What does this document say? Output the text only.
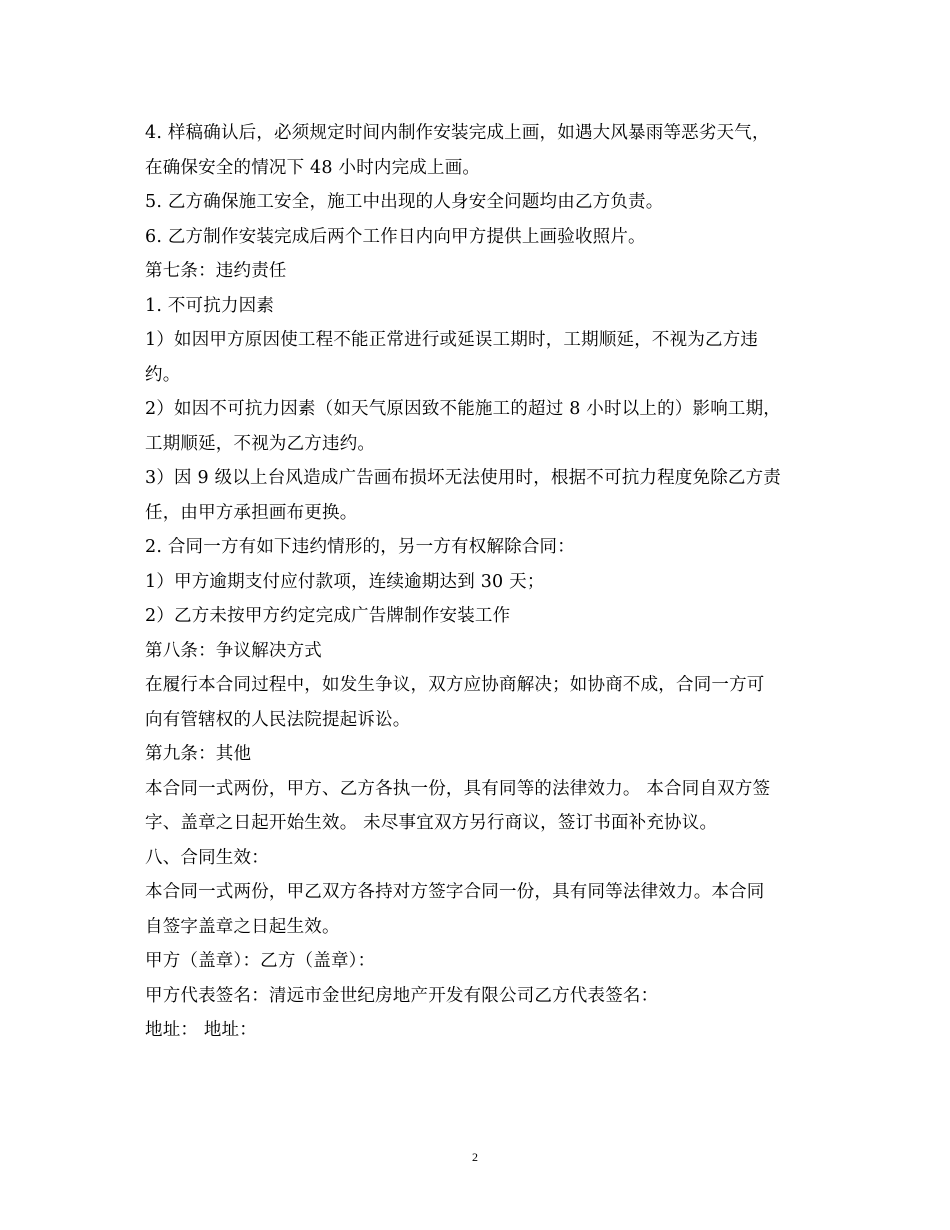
4. 样稿确认后，必须规定时间内制作安装完成上画，如遇大风暴雨等恶劣天气，
在确保安全的情况下 48 小时内完成上画。
5. 乙方确保施工安全，施工中出现的人身安全问题均由乙方负责。
6. 乙方制作安装完成后两个工作日内向甲方提供上画验收照片。
第七条：违约责任
1. 不可抗力因素
1）如因甲方原因使工程不能正常进行或延误工期时，工期顺延，不视为乙方违
约。
2）如因不可抗力因素（如天气原因致不能施工的超过 8 小时以上的）影响工期，
工期顺延，不视为乙方违约。
3）因 9 级以上台风造成广告画布损坏无法使用时，根据不可抗力程度免除乙方责
任，由甲方承担画布更换。
2. 合同一方有如下违约情形的，另一方有权解除合同：
1）甲方逾期支付应付款项，连续逾期达到 30 天；
2）乙方未按甲方约定完成广告牌制作安装工作
第八条：争议解决方式
在履行本合同过程中，如发生争议，双方应协商解决；如协商不成，合同一方可
向有管辖权的人民法院提起诉讼。
第九条：其他
本合同一式两份，甲方、乙方各执一份，具有同等的法律效力。 本合同自双方签
字、盖章之日起开始生效。 未尽事宜双方另行商议，签订书面补充协议。
八、合同生效：
本合同一式两份，甲乙双方各持对方签字合同一份，具有同等法律效力。本合同
自签字盖章之日起生效。
甲方（盖章）：乙方（盖章）：
甲方代表签名：清远市金世纪房地产开发有限公司乙方代表签名：
地址： 地址：
2
